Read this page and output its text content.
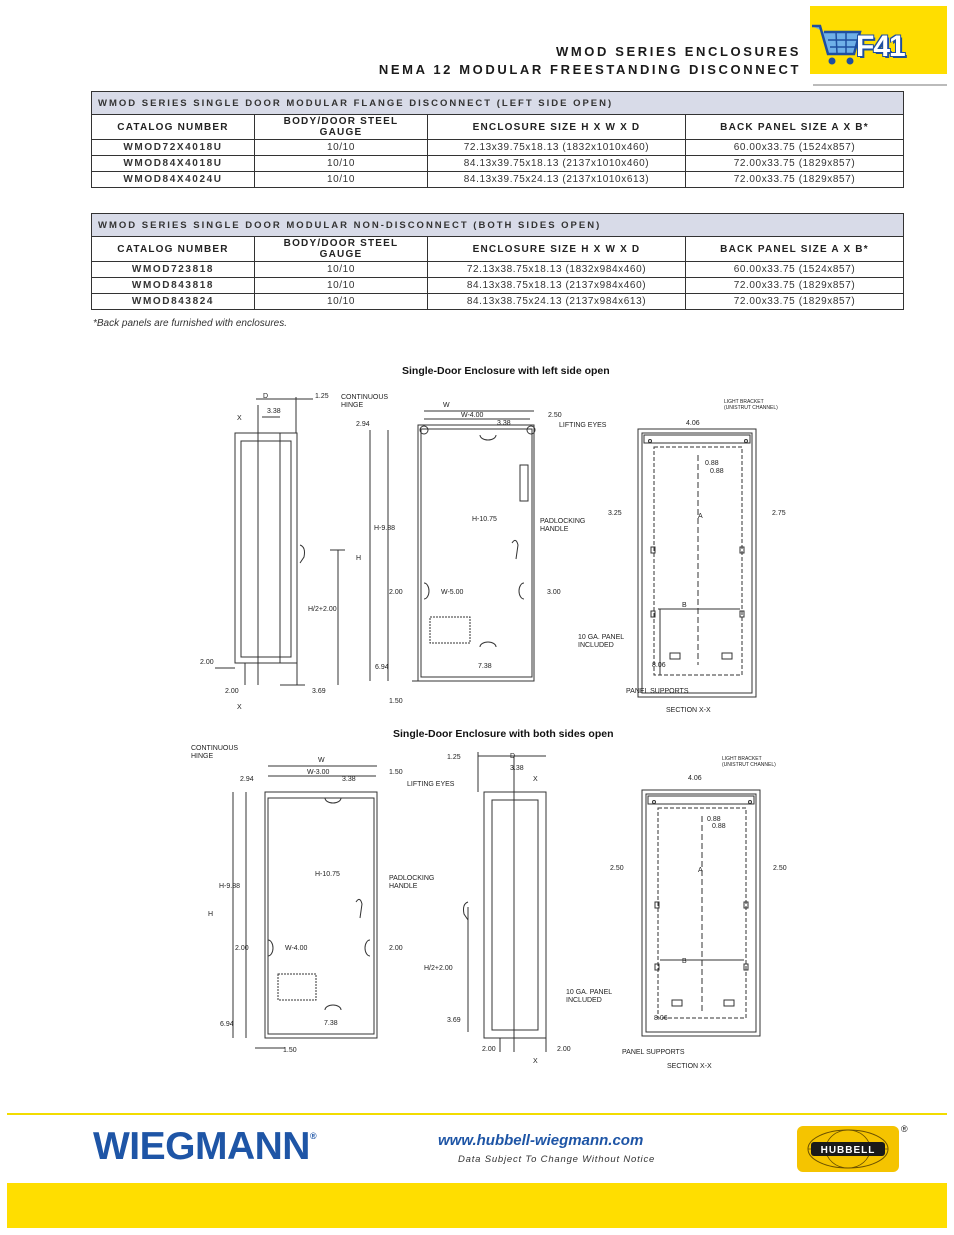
WMOD SERIES ENCLOSURES
NEMA 12 MODULAR FREESTANDING DISCONNECT
F41
WMOD SERIES SINGLE DOOR MODULAR FLANGE DISCONNECT (LEFT SIDE OPEN)			
CATALOG NUMBER	BODY/DOOR STEEL GAUGE	ENCLOSURE SIZE H X W X D	BACK PANEL SIZE A X B*
WMOD72X4018U	10/10	72.13x39.75x18.13 (1832x1010x460)	60.00x33.75 (1524x857)
WMOD84X4018U	10/10	84.13x39.75x18.13 (2137x1010x460)	72.00x33.75 (1829x857)
WMOD84X4024U	10/10	84.13x39.75x24.13 (2137x1010x613)	72.00x33.75 (1829x857)
WMOD SERIES SINGLE DOOR MODULAR NON-DISCONNECT (BOTH SIDES OPEN)			
CATALOG NUMBER	BODY/DOOR STEEL GAUGE	ENCLOSURE SIZE H X W X D	BACK PANEL SIZE A X B*
WMOD723818	10/10	72.13x38.75x18.13 (1832x984x460)	60.00x33.75 (1524x857)
WMOD843818	10/10	84.13x38.75x18.13 (2137x984x460)	72.00x33.75 (1829x857)
WMOD843824	10/10	84.13x38.75x24.13 (2137x984x613)	72.00x33.75 (1829x857)
*Back panels are furnished with enclosures.
Single-Door Enclosure with left side open
D	1.25
X
3.38
2.00
2.00	3.69
X
H/2+2.00
CONTINUOUS HINGE	W
W-4.00	2.50
2.94	3.38	LIFTING EYES
H-10.75
H-9.88
H
PADLOCKING HANDLE
2.00	W-5.00	3.00
6.94	7.38
1.50
LIGHT BRACKET (UNISTRUT CHANNEL)
4.06
0.88
0.88
3.25	2.75
A
B
10 GA. PANEL INCLUDED
8.06
PANEL SUPPORTS
SECTION X-X
Single-Door Enclosure with both sides open
CONTINUOUS HINGE
W
W-3.00	1.50
2.94	3.38
LIFTING EYES
H-10.75
H-9.88
H
PADLOCKING HANDLE
2.00	W-4.00	2.00
6.94	7.38
1.50
1.25	D
3.38
X
H/2+2.00
3.69
2.00	2.00
X
LIGHT BRACKET (UNISTRUT CHANNEL)
4.06
0.88
0.88
2.50	2.50
A
B
10 GA. PANEL INCLUDED
8.06
PANEL SUPPORTS
SECTION X-X
WIEGMANN®	www.hubbell-wiegmann.com
Data Subject To Change Without Notice
HUBBELL
®
